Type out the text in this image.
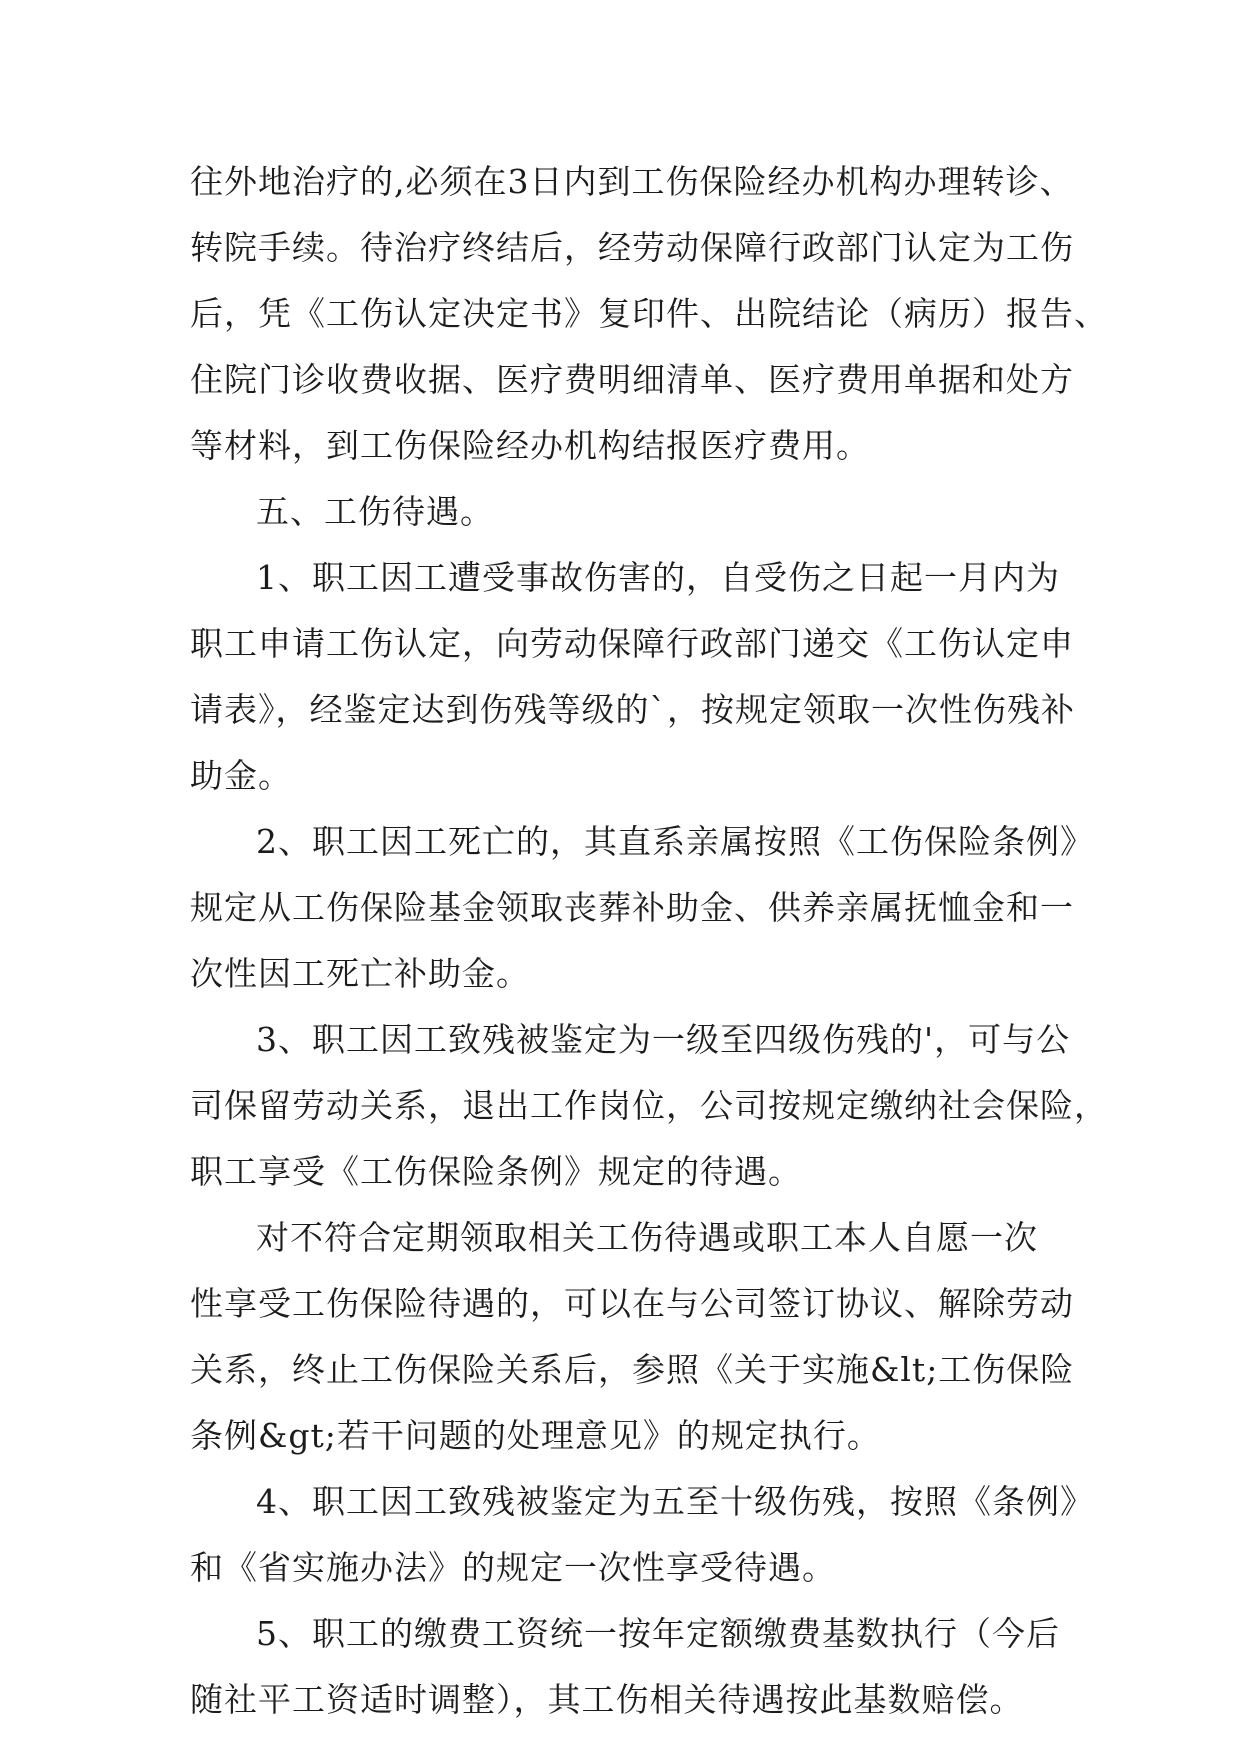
往外地治疗的,必须在3日内到工伤保险经办机构办理转诊、
转院手续。待治疗终结后，经劳动保障行政部门认定为工伤
后，凭《工伤认定决定书》复印件、出院结论（病历）报告、
住院门诊收费收据、医疗费明细清单、医疗费用单据和处方
等材料，到工伤保险经办机构结报医疗费用。
五、工伤待遇。
1、职工因工遭受事故伤害的，自受伤之日起一月内为
职工申请工伤认定，向劳动保障行政部门递交《工伤认定申
请表》，经鉴定达到伤残等级的`，按规定领取一次性伤残补
助金。
2、职工因工死亡的，其直系亲属按照《工伤保险条例》
规定从工伤保险基金领取丧葬补助金、供养亲属抚恤金和一
次性因工死亡补助金。
3、职工因工致残被鉴定为一级至四级伤残的'，可与公
司保留劳动关系，退出工作岗位，公司按规定缴纳社会保险，
职工享受《工伤保险条例》规定的待遇。
对不符合定期领取相关工伤待遇或职工本人自愿一次
性享受工伤保险待遇的，可以在与公司签订协议、解除劳动
关系，终止工伤保险关系后，参照《关于实施&lt;工伤保险
条例&gt;若干问题的处理意见》的规定执行。
4、职工因工致残被鉴定为五至十级伤残，按照《条例》
和《省实施办法》的规定一次性享受待遇。
5、职工的缴费工资统一按年定额缴费基数执行（今后
随社平工资适时调整），其工伤相关待遇按此基数赔偿。
